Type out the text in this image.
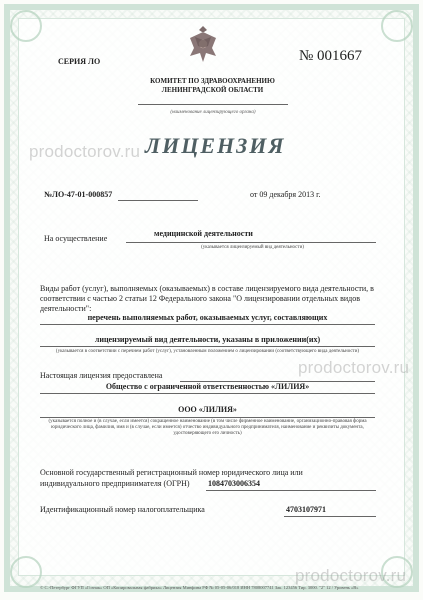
СЕРИЯ ЛО	№ 001667
КОМИТЕТ ПО ЗДРАВООХРАНЕНИЮ ЛЕНИНГРАДСКОЙ ОБЛАСТИ
(наименование лицензирующего органа)
prodoctorov.ru
prodoctorov.ru
prodoctorov.ru
ЛИЦЕНЗИЯ
№ЛО-47-01-000857	от 09 декабря 2013 г.
На осуществление
медицинской деятельности
(указывается лицензируемый вид деятельности)
Виды работ (услуг), выполняемых (оказываемых) в составе лицензируемого вида деятельности, в соответствии с частью 2 статьи 12 Федерального закона "О лицензировании отдельных видов деятельности":
перечень выполняемых работ, оказываемых услуг, составляющих
лицензируемый вид деятельности, указаны в приложении(их)
(указывается в соответствии с перечнем работ (услуг), установленным положением о лицензировании (соответствующего вида деятельности)
Настоящая лицензия предоставлена
Общество с ограниченной ответственностью «ЛИЛИЯ»
ООО «ЛИЛИЯ»
(указывается полное и (в случае, если имеется) сокращенное наименование (в том числе фирменное наименование, организационно-правовая форма юридического лица, фамилия, имя и (в случае, если имеется) отчество индивидуального предпринимателя, наименование и реквизиты документа, удостоверяющего его личность)
Основной государственный регистрационный номер юридического лица или
индивидуального предпринимателя (ОГРН) 1084703006354
Идентификационный номер налогоплательщика	4703107971
© С.-Петербург ФГУП «Гознак» ОП «Копировальная фабрика» Лицензия Минфина РФ № 05-05-06/018 ИНН 7808007741 Зак. 123456 Тир. 3000. "2" 12 / Уровень «В»
